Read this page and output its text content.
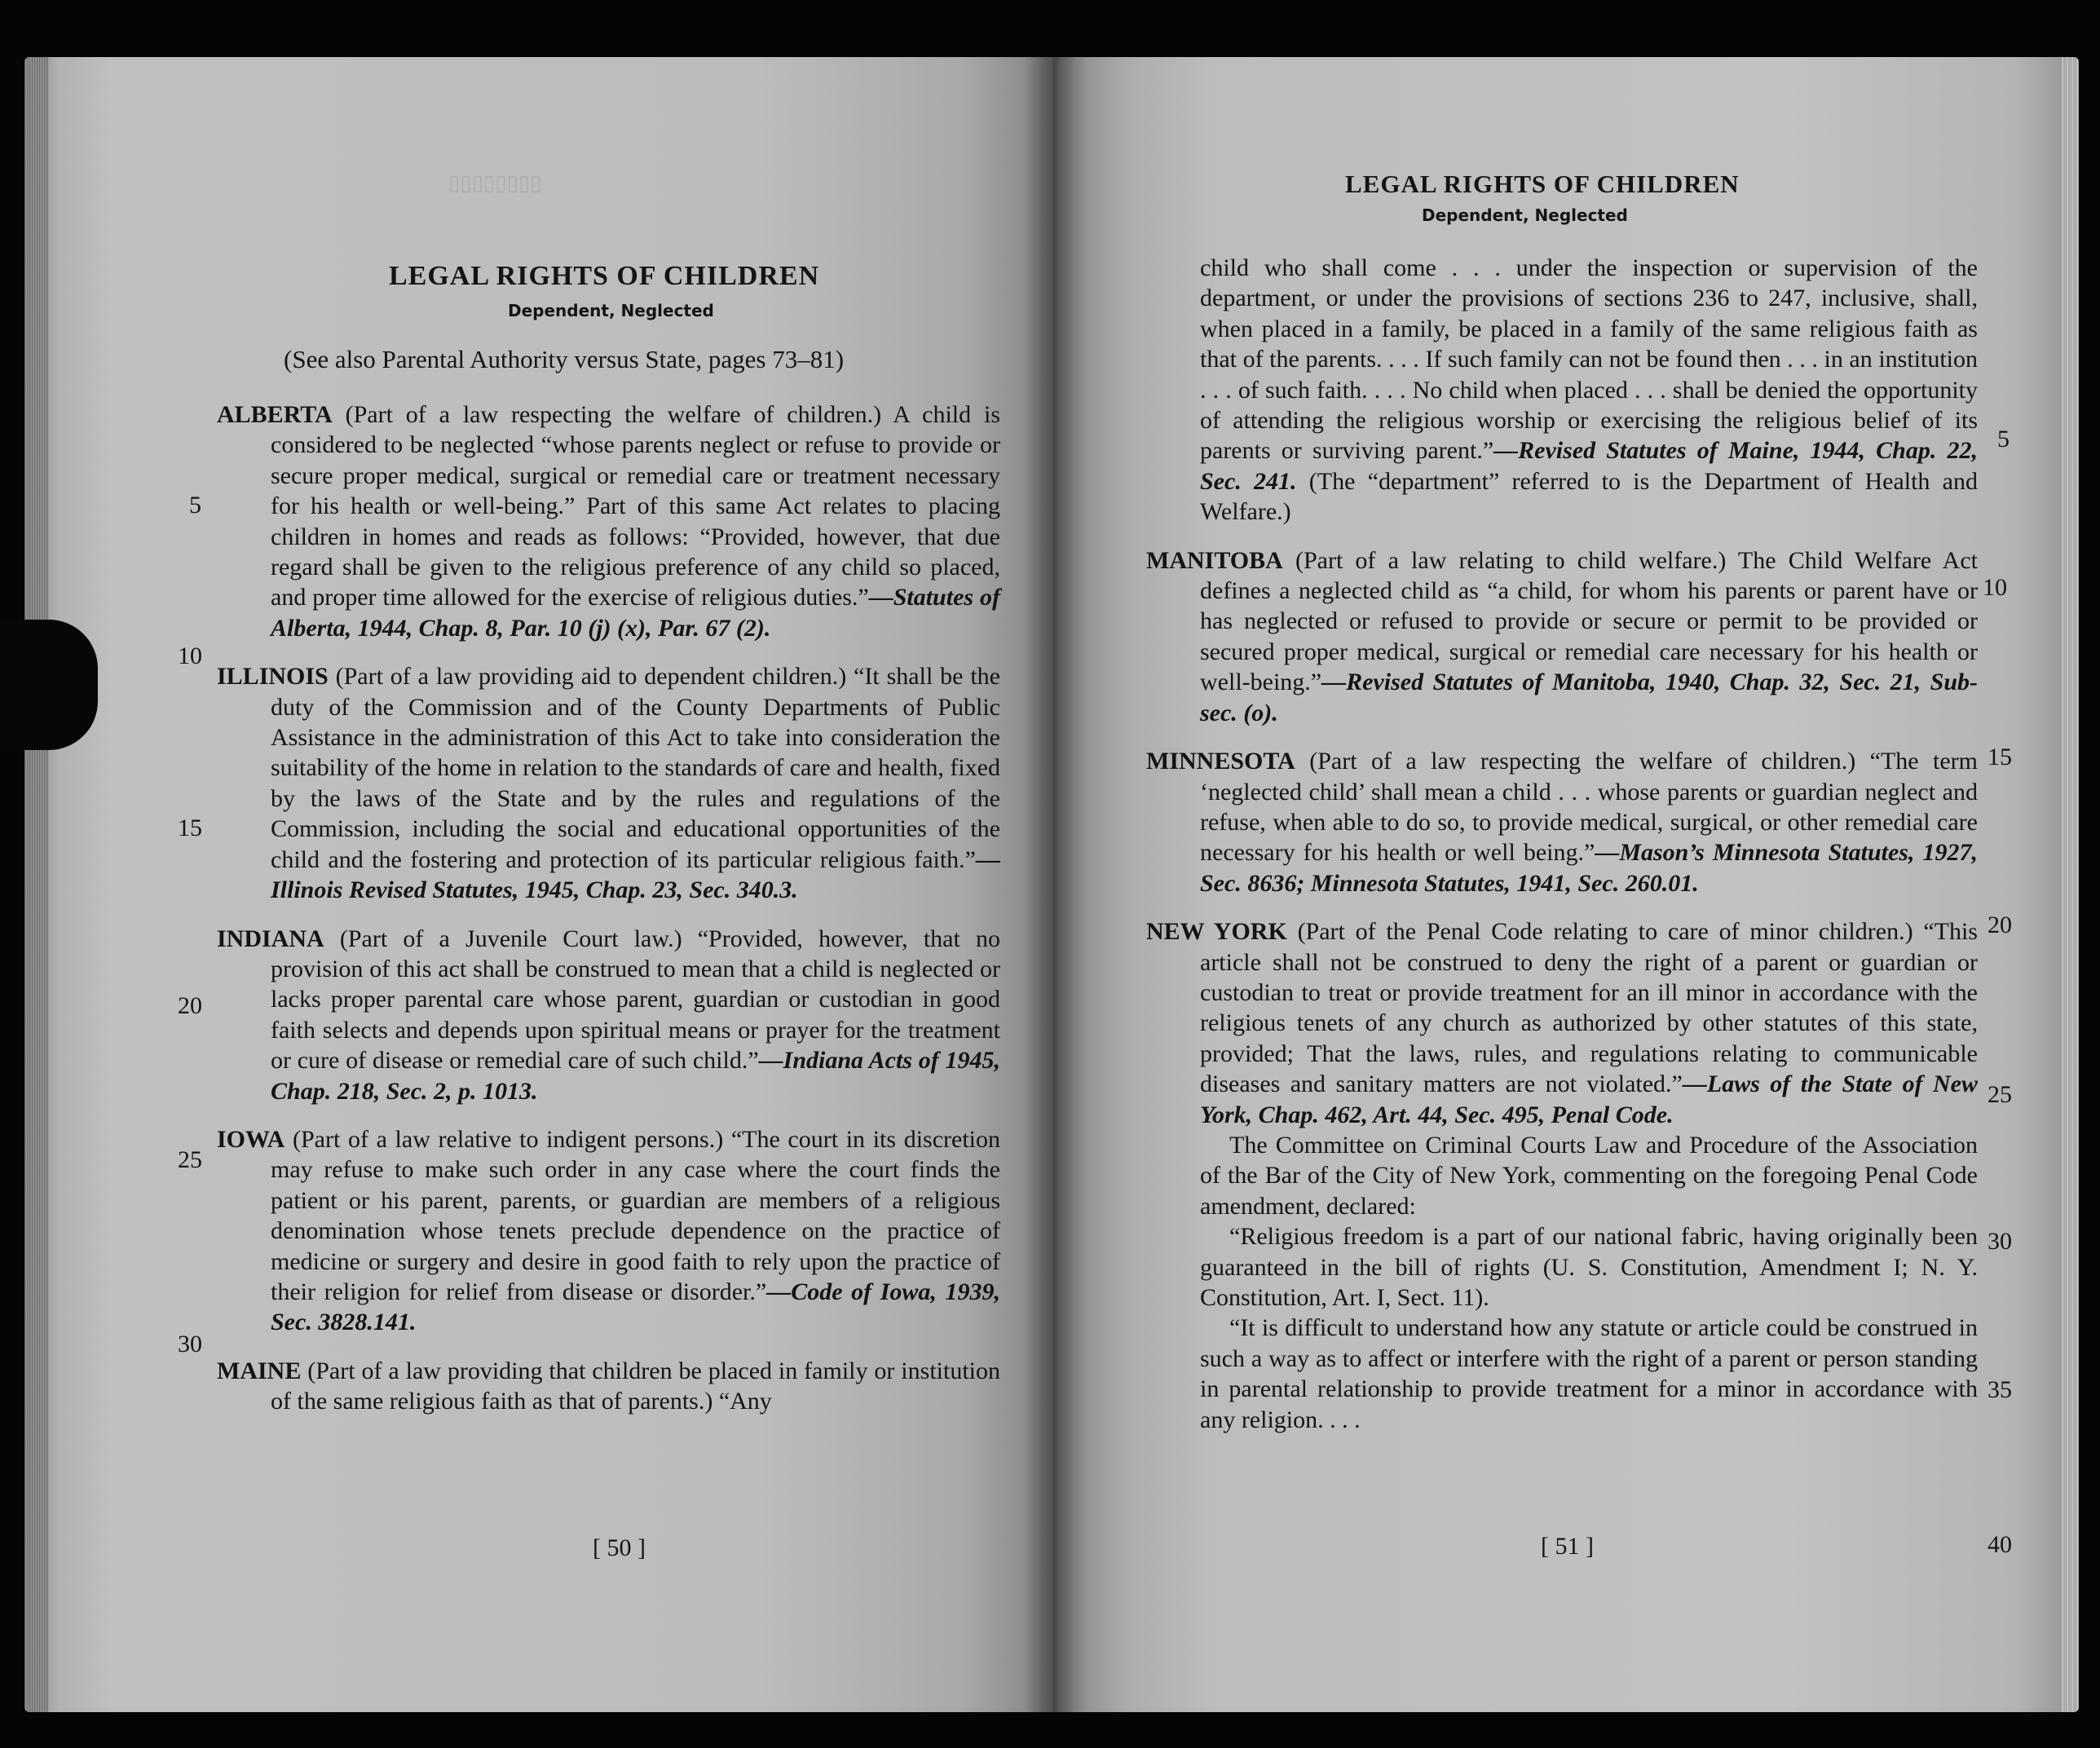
▯▯▯▯▯▯▯▯
LEGAL RIGHTS OF CHILDREN
Dependent, Neglected
(See also Parental Authority versus State, pages 73–81)

ALBERTA (Part of a law respecting the welfare of children.) A child is considered to be neglected “whose parents neglect or refuse to provide or secure proper medical, surgical or remedial care or treatment necessary for his health or well-being.” Part of this same Act relates to placing children in homes and reads as follows: “Provided, however, that due regard shall be given to the religious preference of any child so placed, and proper time allowed for the exercise of religious duties.”—Statutes of Alberta, 1944, Chap. 8, Par. 10 (j) (x), Par. 67 (2).

ILLINOIS (Part of a law providing aid to dependent children.) “It shall be the duty of the Commission and of the County Departments of Public Assistance in the administration of this Act to take into consideration the suitability of the home in relation to the standards of care and health, fixed by the laws of the State and by the rules and regulations of the Commission, including the social and educational opportunities of the child and the fostering and protection of its particular religious faith.”—Illinois Revised Statutes, 1945, Chap. 23, Sec. 340.3.

INDIANA (Part of a Juvenile Court law.) “Provided, however, that no provision of this act shall be construed to mean that a child is neglected or lacks proper parental care whose parent, guardian or custodian in good faith selects and depends upon spiritual means or prayer for the treatment or cure of disease or remedial care of such child.”—Indiana Acts of 1945, Chap. 218, Sec. 2, p. 1013.

IOWA (Part of a law relative to indigent persons.) “The court in its discretion may refuse to make such order in any case where the court finds the patient or his parent, parents, or guardian are members of a religious denomination whose tenets preclude dependence on the practice of medicine or surgery and desire in good faith to rely upon the practice of their religion for relief from disease or disorder.”—Code of Iowa, 1939, Sec. 3828.141.

MAINE (Part of a law providing that children be placed in family or institution of the same religious faith as that of parents.) “Any

5
10
15
20
25
30
[ 50 ]
LEGAL RIGHTS OF CHILDREN
Dependent, Neglected

child who shall come . . . under the inspection or supervision of the department, or under the provisions of sections 236 to 247, inclusive, shall, when placed in a family, be placed in a family of the same religious faith as that of the parents. . . . If such family can not be found then . . . in an institution . . . of such faith. . . . No child when placed . . . shall be denied the opportunity of attending the religious worship or exercising the religious belief of its parents or surviving parent.”—Revised Statutes of Maine, 1944, Chap. 22, Sec. 241. (The “department” referred to is the Department of Health and Welfare.)

MANITOBA (Part of a law relating to child welfare.) The Child Welfare Act defines a neglected child as “a child, for whom his parents or parent have or has neglected or refused to provide or secure or permit to be provided or secured proper medical, surgical or remedial care necessary for his health or well-being.”—Revised Statutes of Manitoba, 1940, Chap. 32, Sec. 21, Sub-sec. (o).

MINNESOTA (Part of a law respecting the welfare of children.) “The term ‘neglected child’ shall mean a child . . . whose parents or guardian neglect and refuse, when able to do so, to provide medical, surgical, or other remedial care necessary for his health or well being.”—Mason’s Minnesota Statutes, 1927, Sec. 8636; Minnesota Statutes, 1941, Sec. 260.01.

NEW YORK (Part of the Penal Code relating to care of minor children.) “This article shall not be construed to deny the right of a parent or guardian or custodian to treat or provide treatment for an ill minor in accordance with the religious tenets of any church as authorized by other statutes of this state, provided; That the laws, rules, and regulations relating to communicable diseases and sanitary matters are not violated.”—Laws of the State of New York, Chap. 462, Art. 44, Sec. 495, Penal Code.

The Committee on Criminal Courts Law and Procedure of the Association of the Bar of the City of New York, commenting on the foregoing Penal Code amendment, declared:

“Religious freedom is a part of our national fabric, having originally been guaranteed in the bill of rights (U. S. Constitution, Amendment I; N. Y. Constitution, Art. I, Sect. 11).

“It is difficult to understand how any statute or article could be construed in such a way as to affect or interfere with the right of a parent or person standing in parental relationship to provide treatment for a minor in accordance with any religion. . . .

5
10
15
20
25
30
35
40
[ 51 ]
